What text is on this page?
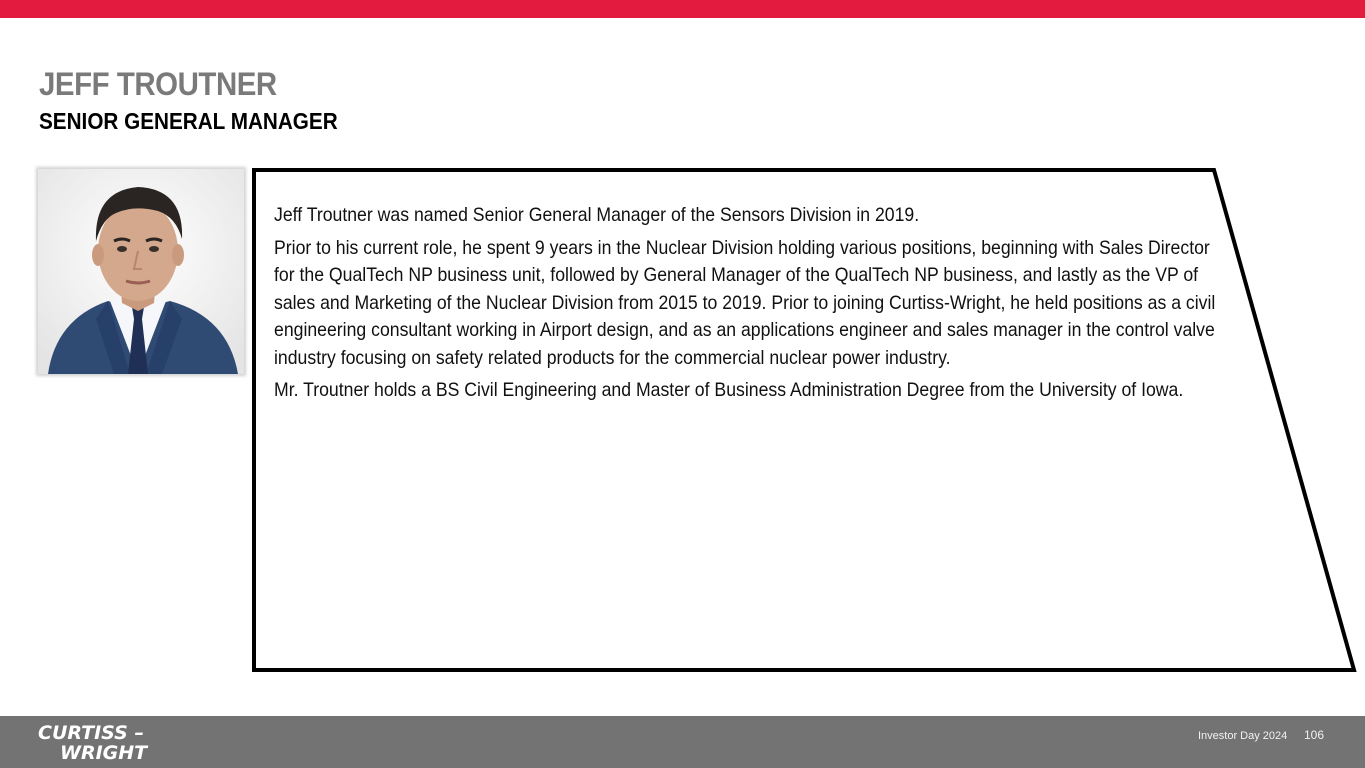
JEFF TROUTNER
SENIOR GENERAL MANAGER

Jeff Troutner was named Senior General Manager of the Sensors Division in 2019.

Prior to his current role, he spent 9 years in the Nuclear Division holding various positions, beginning with Sales Director for the QualTech NP business unit, followed by General Manager of the QualTech NP business, and lastly as the VP of sales and Marketing of the Nuclear Division from 2015 to 2019. Prior to joining Curtiss-Wright, he held positions as a civil engineering consultant working in Airport design, and as an applications engineer and sales manager in the control valve industry focusing on safety related products for the commercial nuclear power industry.

Mr. Troutner holds a BS Civil Engineering and Master of Business Administration Degree from the University of Iowa.

CURTISS –
WRIGHT
Investor Day 2024 106
